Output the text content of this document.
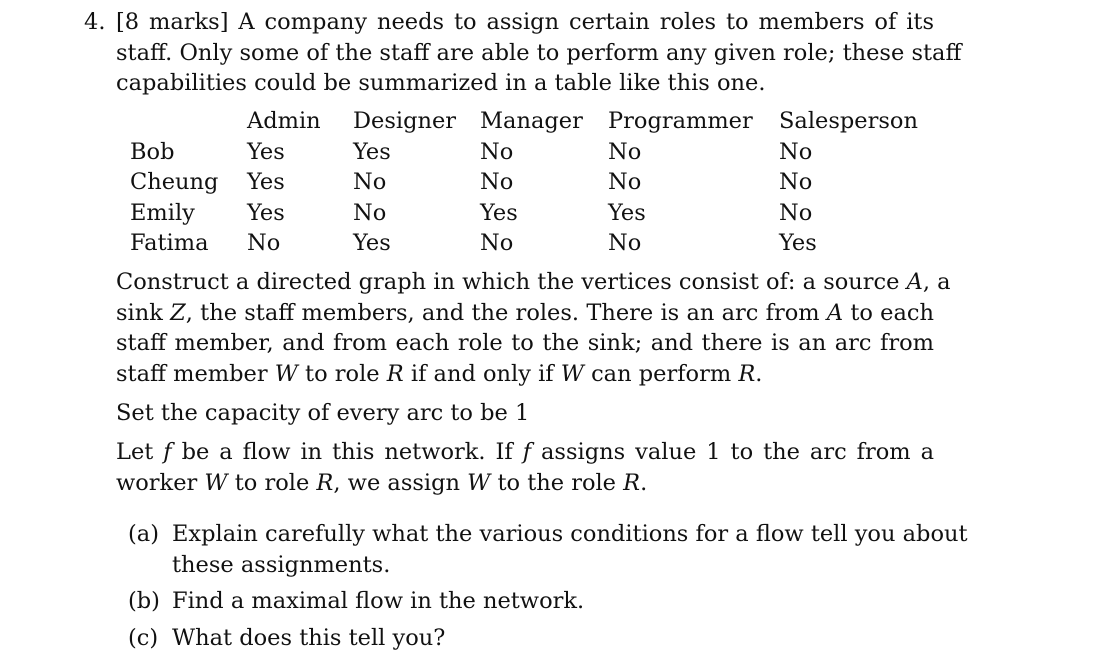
4. [8 marks] A company needs to assign certain roles to members of its
staff. Only some of the staff are able to perform any given role; these staff
capabilities could be summarized in a table like this one.
	Admin	Designer	Manager	Programmer	Salesperson
Bob	Yes	Yes	No	No	No
Cheung	Yes	No	No	No	No
Emily	Yes	No	Yes	Yes	No
Fatima	No	Yes	No	No	Yes
Construct a directed graph in which the vertices consist of: a source A, a
sink Z, the staff members, and the roles. There is an arc from A to each
staff member, and from each role to the sink; and there is an arc from
staff member W to role R if and only if W can perform R.
Set the capacity of every arc to be 1
Let f be a flow in this network. If f assigns value 1 to the arc from a
worker W to role R, we assign W to the role R.
(a) Explain carefully what the various conditions for a flow tell you about
these assignments.
(b) Find a maximal flow in the network.
(c) What does this tell you?
